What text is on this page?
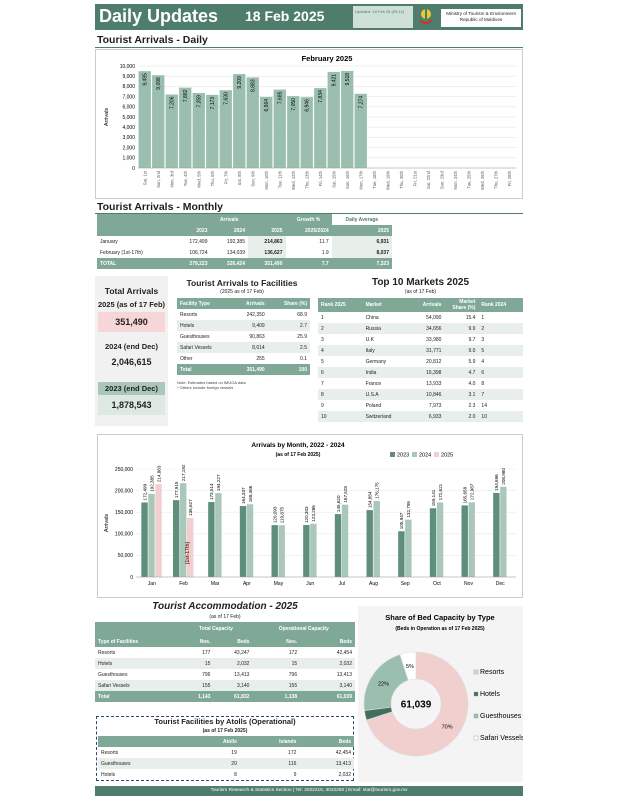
Daily Updates 18 Feb 2025	Updated: 18 Feb 25 (09:12)	Ministry of Tourism & Environment
Republic of Maldives
Tourist Arrivals - Daily
February 2025
Arrivals
0
1,000
2,000
3,000
4,000
5,000
6,000
7,000
8,000
9,000
10,000
9,495
Sat, 1st
9,098
Sun, 2nd
7,206
Mon, 3rd
7,882
Tue, 4th
7,359
Wed, 5th
7,173
Thu, 6th
7,630
Fri, 7th
9,209
Sat, 8th
8,883
Sun, 9th
6,964
Mon, 10th
7,685
Tue, 11th
7,050
Wed, 12th
6,946
Thu, 13th
7,834
Fri, 14th
9,421
Sat, 15th
9,518
Sun, 16th
7,274
Mon, 17th Tue, 18th Wed, 19th Thu, 20th Fri, 21st Sat, 22nd Sun, 23rd Mon, 24th Tue, 25th Wed, 26th Thu, 27th Fri, 28th
Tourist Arrivals - Monthly
	Arrivals			Growth %	Daily Average
	2023	2024	2025	2025/2024	2025
January	172,499	192,385	214,863	11.7	6,931
February (1st-17th)	106,724	134,039	136,627	1.9	8,037
TOTAL	279,223	326,424	351,490	7.7	7,323
Total Arrivals
2025 (as of 17 Feb)
351,490
2024 (end Dec)
2,046,615
2023 (end Dec)
1,878,543
Tourist Arrivals to Facilities
(2025 as of 17 Feb)
Facility Type	Arrivals	Share (%)
Resorts	242,350	68.9
Hotels	9,409	2.7
Guesthouses	90,863	25.9
Safari Vessels	8,614	2.5
Other	255	0.1
Total	351,490	100
Note: Estimates based on IMUGA data
* Others include foreign vessels
Top 10 Markets 2025
(as of 17 Feb)
Rank 2025	Market	Arrivals	Market Share (%)	Rank 2024
1	China	54,090	15.4	1
2	Russia	34,656	9.9	2
3	U.K	33,980	9.7	3
4	Italy	31,771	9.0	5
5	Germany	20,812	5.9	4
6	India	16,398	4.7	6
7	France	13,933	4.0	8
8	U.S.A	10,846	3.1	7
9	Poland	7,973	2.3	14
10	Switzerland	6,933	2.0	10
Arrivals by Month, 2022 - 2024
(as of 17 Feb 2025)
Arrivals
0
50,000
100,000
150,000
200,000
250,000
2023 2024 2025
172,499
192,385
214,863
Jan
177,915
217,192
136,627
Feb
173,514
194,227
Mar
164,337 168,366
Apr
120,093 119,875
May
120,303 123,286
Jun
145,620
167,528
Jul
154,854
176,175
Aug
105,947
132,795
Sep
159,141 172,621
Oct
165,658 172,987
Nov
194,696 208,980
Dec
(1st-17th)
Tourist Accommodation - 2025
(as of 17 Feb)
	Total Capacity		Operational Capacity	
Type of Facilities	Nos.	Beds	Nos.	Beds
Resorts	177	43,247	172	42,454
Hotels	15	2,032	15	2,032
Guesthouses	796	13,413	796	13,413
Safari Vessels	155	3,140	155	3,140
Total	1,143	61,832	1,138	61,039
Tourist Facilities by Atolls (Operational)
(as of 17 Feb 2025)
	Atolls	Islands	Beds
Resorts	19	172	42,454
Guesthouses	20	116	13,413
Hotels	8	9	2,032
Share of Bed Capacity by Type
(Beds in Operation as of 17 Feb 2025)
70%
22%
5%
61,039
Resorts
Hotels
Guesthouses
Safari Vessels
Tourism Research & Statistics Section | Tel: 3022216, 3022250 | Email: stat@tourism.gov.mv
